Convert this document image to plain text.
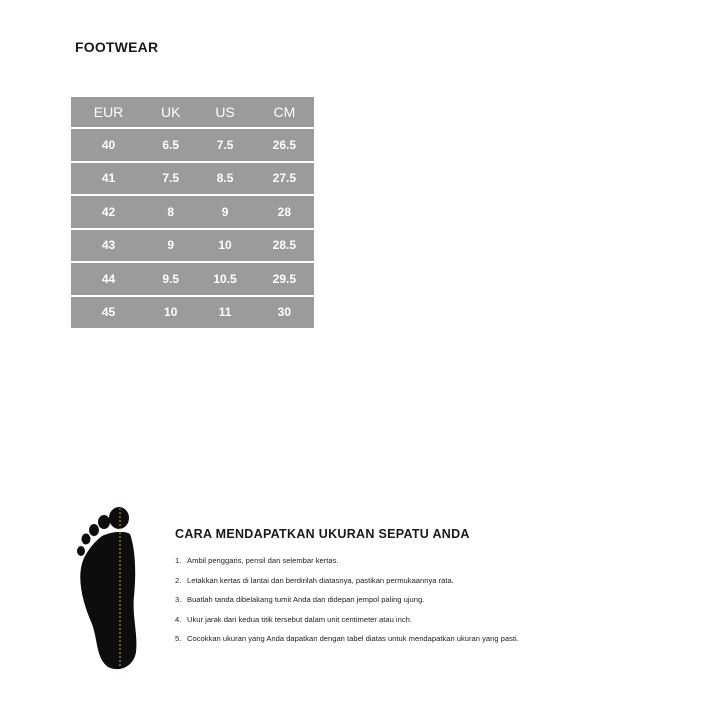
FOOTWEAR
EUR	UK	US	CM
40	6.5	7.5	26.5
41	7.5	8.5	27.5
42	8	9	28
43	9	10	28.5
44	9.5	10.5	29.5
45	10	11	30
CARA MENDAPATKAN UKURAN SEPATU ANDA
1. Ambil penggaris, pensil dan selembar kertas.
2. Letakkan kertas di lantai dan berdirilah diatasnya, pastikan permukaannya rata.
3. Buatlah tanda dibelakang tumit Anda dan didepan jempol paling ujung.
4. Ukur jarak dari kedua titik tersebut dalam unit centimeter atau inch.
5. Cocokkan ukuran yang Anda dapatkan dengan tabel diatas untuk mendapatkan ukuran yang pasti.
